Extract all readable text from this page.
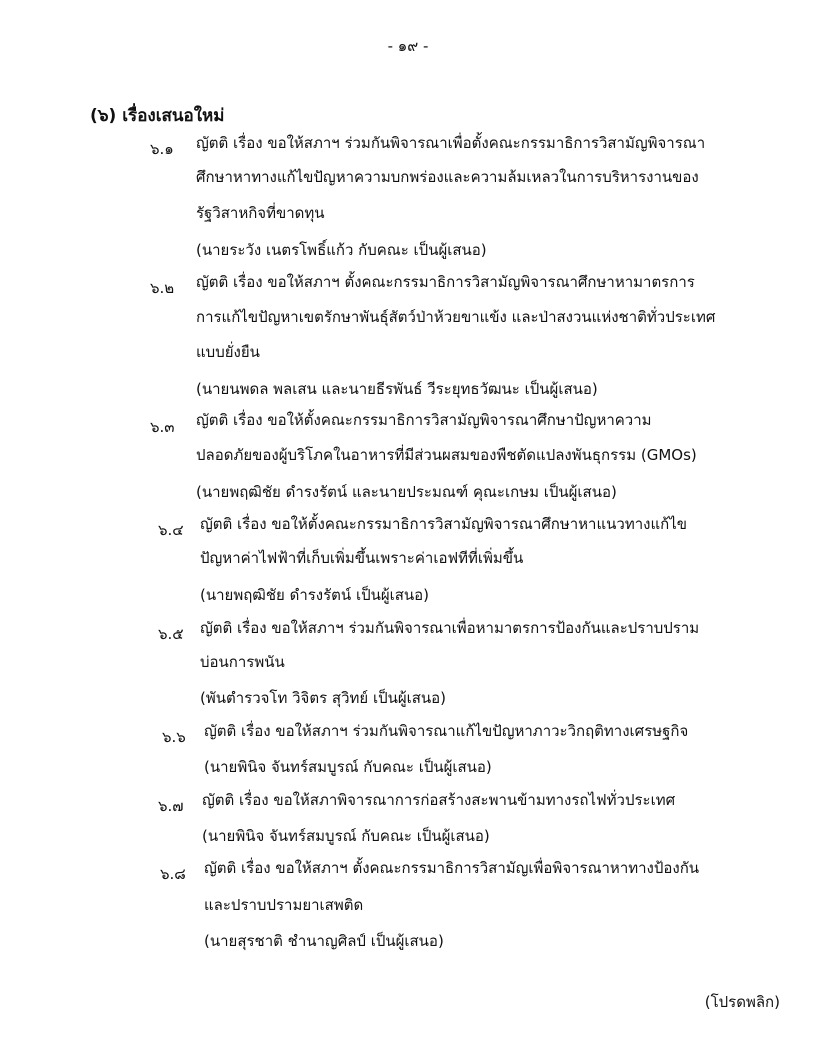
- ๑๙ -
(๖) เรื่องเสนอใหม่
๖.๑ ญัตติ เรื่อง ขอให้สภาฯ ร่วมกันพิจารณาเพื่อตั้งคณะกรรมาธิการวิสามัญพิจารณา
ศึกษาหาทางแก้ไขปัญหาความบกพร่องและความล้มเหลวในการบริหารงานของ
รัฐวิสาหกิจที่ขาดทุน
(นายระวัง เนตรโพธิ์แก้ว กับคณะ เป็นผู้เสนอ)
๖.๒ ญัตติ เรื่อง ขอให้สภาฯ ตั้งคณะกรรมาธิการวิสามัญพิจารณาศึกษาหามาตรการ
การแก้ไขปัญหาเขตรักษาพันธุ์สัตว์ป่าห้วยขาแข้ง และป่าสงวนแห่งชาติทั่วประเทศ
แบบยั่งยืน
(นายนพดล พลเสน และนายธีรพันธ์ วีระยุทธวัฒนะ เป็นผู้เสนอ)
๖.๓ ญัตติ เรื่อง ขอให้ตั้งคณะกรรมาธิการวิสามัญพิจารณาศึกษาปัญหาความ
ปลอดภัยของผู้บริโภคในอาหารที่มีส่วนผสมของพืชตัดแปลงพันธุกรรม (GMOs)
(นายพฤฒิชัย ดำรงรัตน์ และนายประมณฑ์ คุณะเกษม เป็นผู้เสนอ)
๖.๔ ญัตติ เรื่อง ขอให้ตั้งคณะกรรมาธิการวิสามัญพิจารณาศึกษาหาแนวทางแก้ไข
ปัญหาค่าไฟฟ้าที่เก็บเพิ่มขึ้นเพราะค่าเอฟทีที่เพิ่มขึ้น
(นายพฤฒิชัย ดำรงรัตน์ เป็นผู้เสนอ)
๖.๕ ญัตติ เรื่อง ขอให้สภาฯ ร่วมกันพิจารณาเพื่อหามาตรการป้องกันและปราบปราม
บ่อนการพนัน
(พันตำรวจโท วิจิตร สุวิทย์ เป็นผู้เสนอ)
๖.๖ ญัตติ เรื่อง ขอให้สภาฯ ร่วมกันพิจารณาแก้ไขปัญหาภาวะวิกฤติทางเศรษฐกิจ
(นายพินิจ จันทร์สมบูรณ์ กับคณะ เป็นผู้เสนอ)
๖.๗ ญัตติ เรื่อง ขอให้สภาพิจารณาการก่อสร้างสะพานข้ามทางรถไฟทั่วประเทศ
(นายพินิจ จันทร์สมบูรณ์ กับคณะ เป็นผู้เสนอ)
๖.๘ ญัตติ เรื่อง ขอให้สภาฯ ตั้งคณะกรรมาธิการวิสามัญเพื่อพิจารณาหาทางป้องกัน
และปราบปรามยาเสพติด
(นายสุรชาติ ชำนาญศิลป์ เป็นผู้เสนอ)
(โปรดพลิก)
